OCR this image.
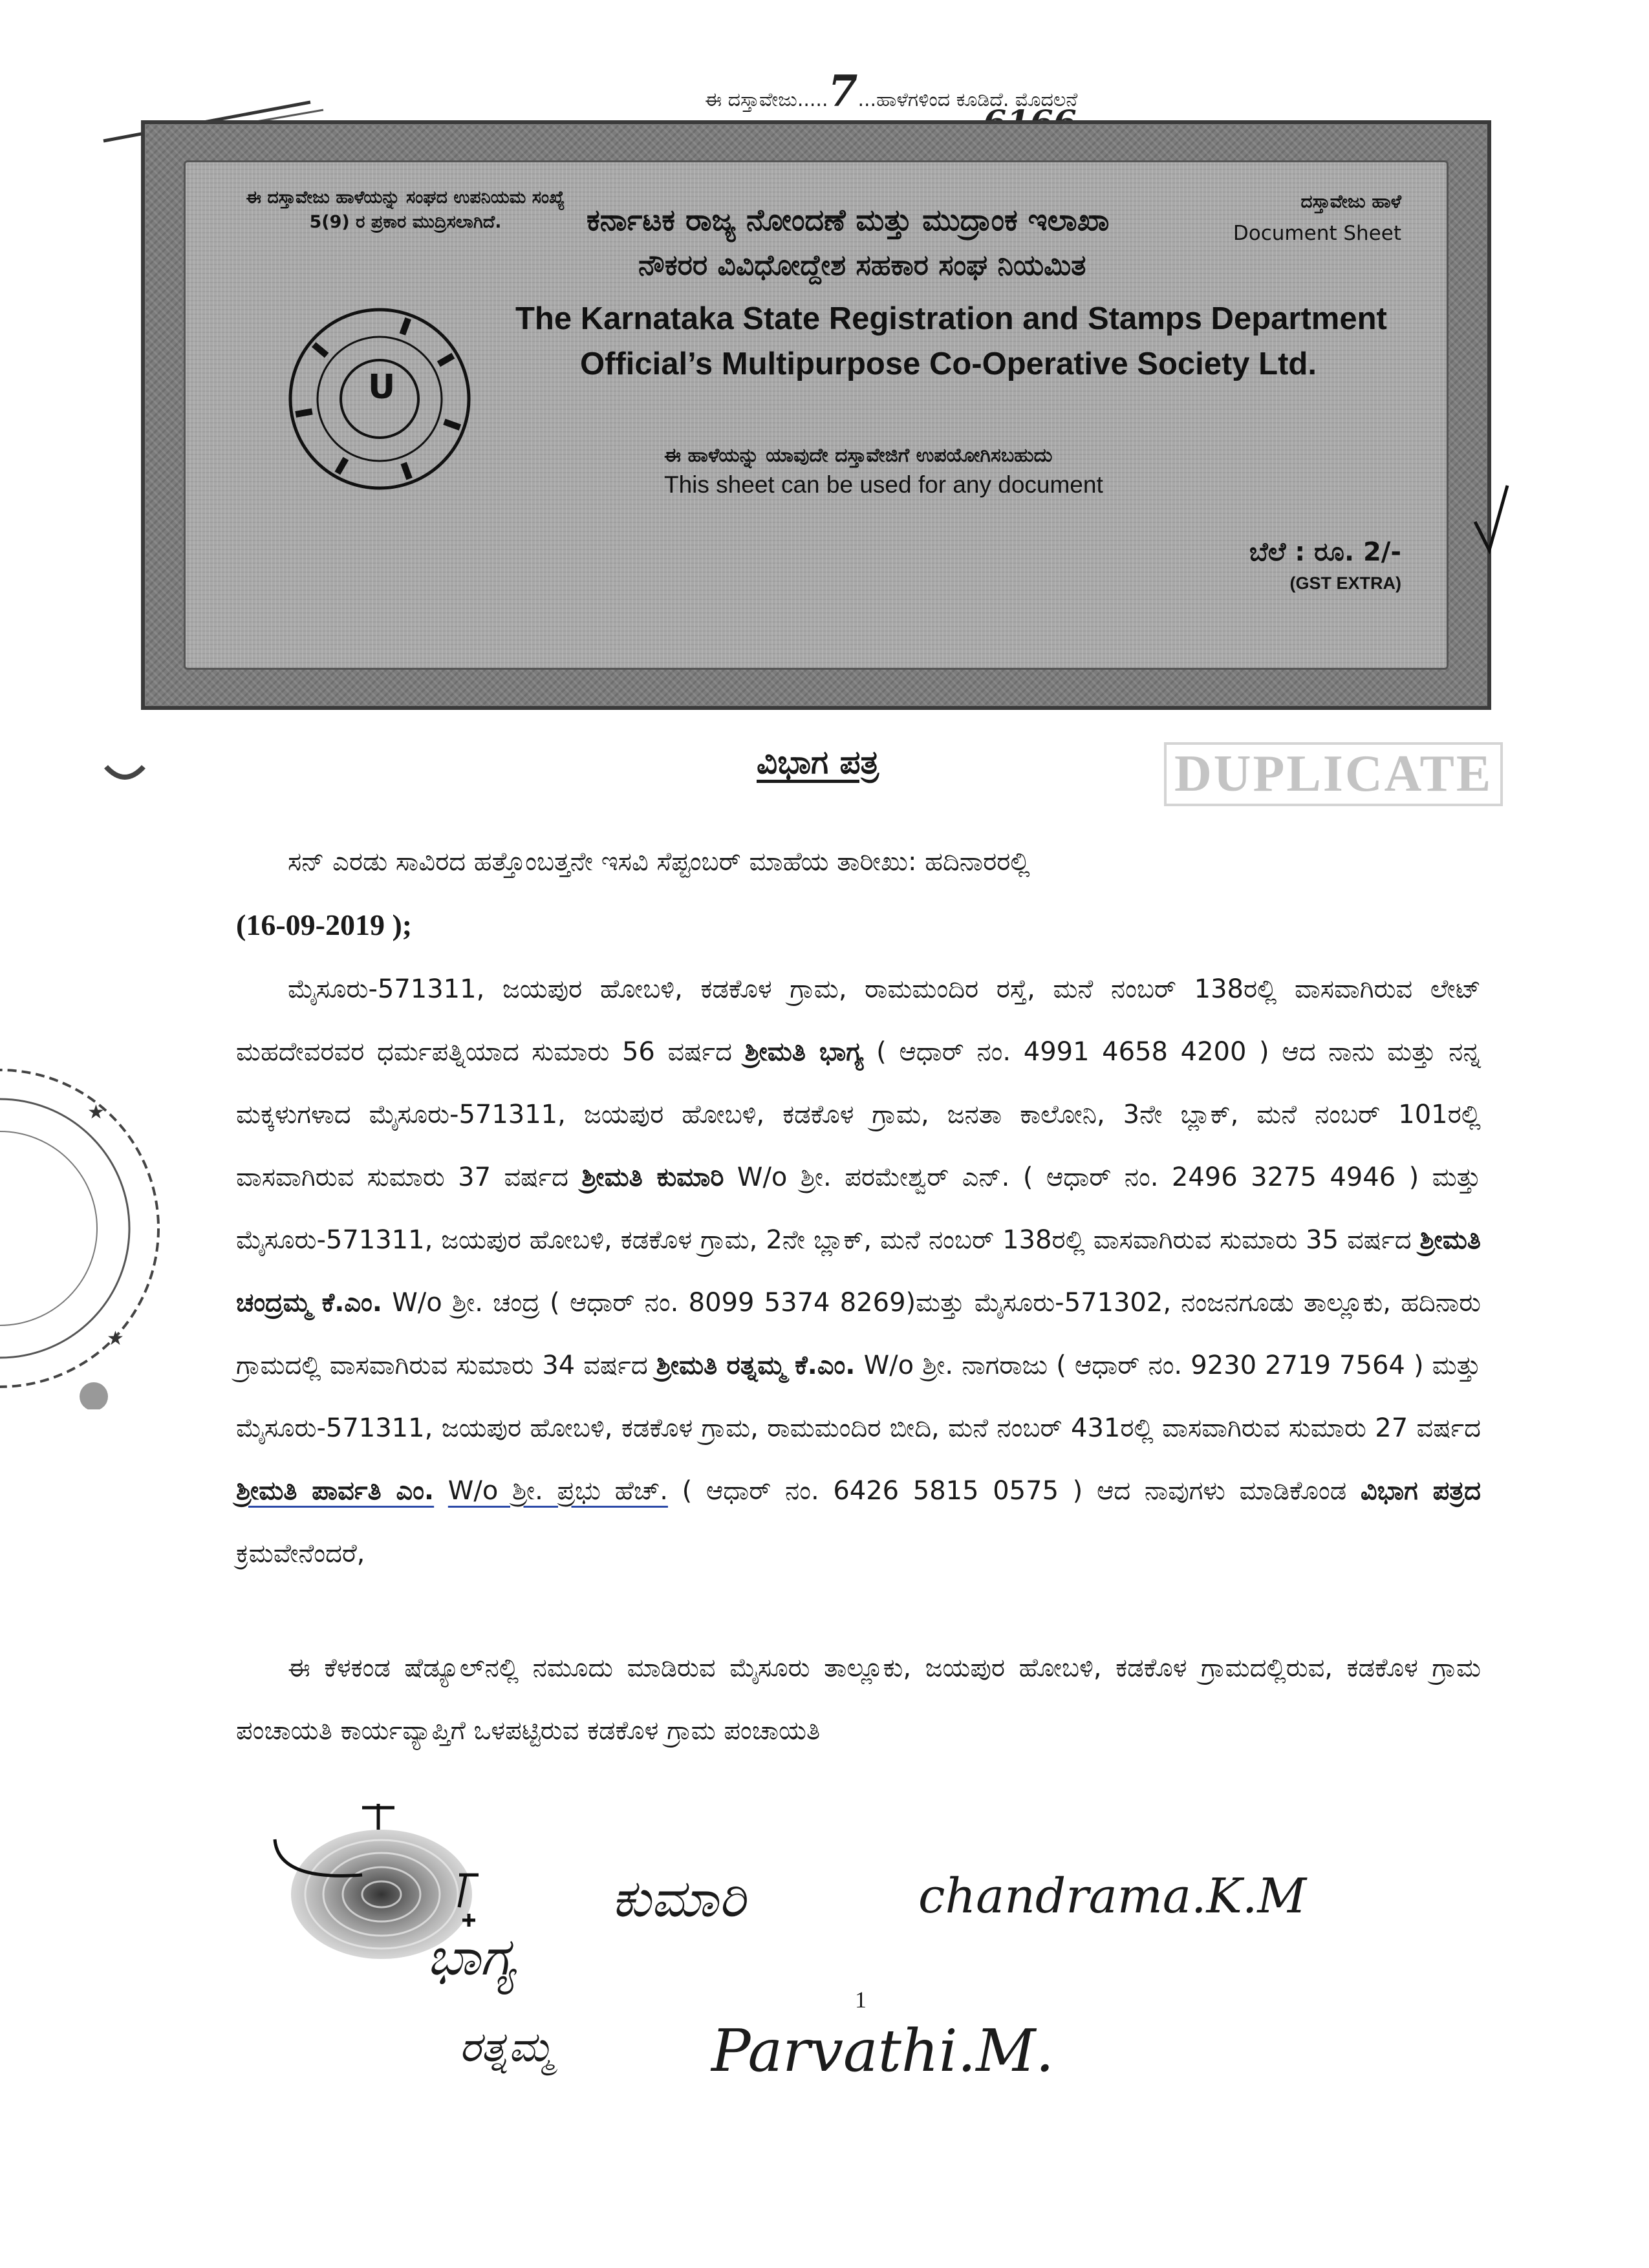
ಈ ದಸ್ತಾವೇಜು.....7...ಹಾಳೆಗಳಿಂದ ಕೂಡಿದೆ. ಮೊದಲನೆ
ಈ ದಸ್ತಾವೇಜು ಹಾಳೆಯನ್ನು ಸಂಘದ ಉಪನಿಯಮ ಸಂಖ್ಯೆ 5(9) ರ ಪ್ರಕಾರ ಮುದ್ರಿಸಲಾಗಿದೆ.
ದಸ್ತಾವೇಜು ಹಾಳೆ
Document Sheet
ಕರ್ನಾಟಕ ರಾಜ್ಯ ನೋಂದಣೆ ಮತ್ತು ಮುದ್ರಾಂಕ ಇಲಾಖಾ
ನೌಕರರ ವಿವಿಧೋದ್ದೇಶ ಸಹಕಾರ ಸಂಘ ನಿಯಮಿತ
The Karnataka State Registration and Stamps Department
Official’s Multipurpose Co-Operative Society Ltd.
ಈ ಹಾಳೆಯನ್ನು ಯಾವುದೇ ದಸ್ತಾವೇಜಿಗೆ ಉಪಯೋಗಿಸಬಹುದು
This sheet can be used for any document
ಬೆಲೆ : ರೂ. 2/-
(GST EXTRA)
U
ವಿಭಾಗ ಪತ್ರ	DUPLICATE
★
★

ಸನ್ ಎರಡು ಸಾವಿರದ ಹತ್ತೊಂಬತ್ತನೇ ಇಸವಿ ಸೆಪ್ಟಂಬರ್ ಮಾಹೆಯ ತಾರೀಖು: ಹದಿನಾರರಲ್ಲಿ
(16-09-2019 );

ಮೈಸೂರು-571311, ಜಯಪುರ ಹೋಬಳಿ, ಕಡಕೊಳ ಗ್ರಾಮ, ರಾಮಮಂದಿರ ರಸ್ತೆ, ಮನೆ ನಂಬರ್ 138ರಲ್ಲಿ ವಾಸವಾಗಿರುವ ಲೇಟ್ ಮಹದೇವರವರ ಧರ್ಮಪತ್ನಿಯಾದ ಸುಮಾರು 56 ವರ್ಷದ ಶ್ರೀಮತಿ ಭಾಗ್ಯ ( ಆಧಾರ್ ನಂ. 4991 4658 4200 ) ಆದ ನಾನು ಮತ್ತು ನನ್ನ ಮಕ್ಕಳುಗಳಾದ ಮೈಸೂರು-571311, ಜಯಪುರ ಹೋಬಳಿ, ಕಡಕೊಳ ಗ್ರಾಮ, ಜನತಾ ಕಾಲೋನಿ, 3ನೇ ಬ್ಲಾಕ್, ಮನೆ ನಂಬರ್ 101ರಲ್ಲಿ ವಾಸವಾಗಿರುವ ಸುಮಾರು 37 ವರ್ಷದ ಶ್ರೀಮತಿ ಕುಮಾರಿ W/o ಶ್ರೀ. ಪರಮೇಶ್ವರ್ ಎನ್. ( ಆಧಾರ್ ನಂ. 2496 3275 4946 ) ಮತ್ತು ಮೈಸೂರು-571311, ಜಯಪುರ ಹೋಬಳಿ, ಕಡಕೊಳ ಗ್ರಾಮ, 2ನೇ ಬ್ಲಾಕ್, ಮನೆ ನಂಬರ್ 138ರಲ್ಲಿ ವಾಸವಾಗಿರುವ ಸುಮಾರು 35 ವರ್ಷದ ಶ್ರೀಮತಿ ಚಂದ್ರಮ್ಮ ಕೆ.ಎಂ. W/o ಶ್ರೀ. ಚಂದ್ರ ( ಆಧಾರ್ ನಂ. 8099 5374 8269)ಮತ್ತು ಮೈಸೂರು-571302, ನಂಜನಗೂಡು ತಾಲ್ಲೂಕು, ಹದಿನಾರು ಗ್ರಾಮದಲ್ಲಿ ವಾಸವಾಗಿರುವ ಸುಮಾರು 34 ವರ್ಷದ ಶ್ರೀಮತಿ ರತ್ನಮ್ಮ ಕೆ.ಎಂ. W/o ಶ್ರೀ. ನಾಗರಾಜು ( ಆಧಾರ್ ನಂ. 9230 2719 7564 ) ಮತ್ತು ಮೈಸೂರು-571311, ಜಯಪುರ ಹೋಬಳಿ, ಕಡಕೊಳ ಗ್ರಾಮ, ರಾಮಮಂದಿರ ಬೀದಿ, ಮನೆ ನಂಬರ್ 431ರಲ್ಲಿ ವಾಸವಾಗಿರುವ ಸುಮಾರು 27 ವರ್ಷದ ಶ್ರೀಮತಿ ಪಾರ್ವತಿ ಎಂ. W/o ಶ್ರೀ. ಪ್ರಭು ಹೆಚ್. ( ಆಧಾರ್ ನಂ. 6426 5815 0575 ) ಆದ ನಾವುಗಳು ಮಾಡಿಕೊಂಡ ವಿಭಾಗ ಪತ್ರದ ಕ್ರಮವೇನೆಂದರೆ,

ಈ ಕೆಳಕಂಡ ಷೆಡ್ಯೂಲ್‌ನಲ್ಲಿ ನಮೂದು ಮಾಡಿರುವ ಮೈಸೂರು ತಾಲ್ಲೂಕು, ಜಯಪುರ ಹೋಬಳಿ, ಕಡಕೊಳ ಗ್ರಾಮದಲ್ಲಿರುವ, ಕಡಕೊಳ ಗ್ರಾಮ ಪಂಚಾಯತಿ ಕಾರ್ಯವ್ಯಾಪ್ತಿಗೆ ಒಳಪಟ್ಟಿರುವ ಕಡಕೊಳ ಗ್ರಾಮ ಪಂಚಾಯತಿ

ಭಾಗ್ಯ
ಕುಮಾರಿ	chandrama.K.M
ರತ್ನಮ್ಮ	Parvathi.M.
1
